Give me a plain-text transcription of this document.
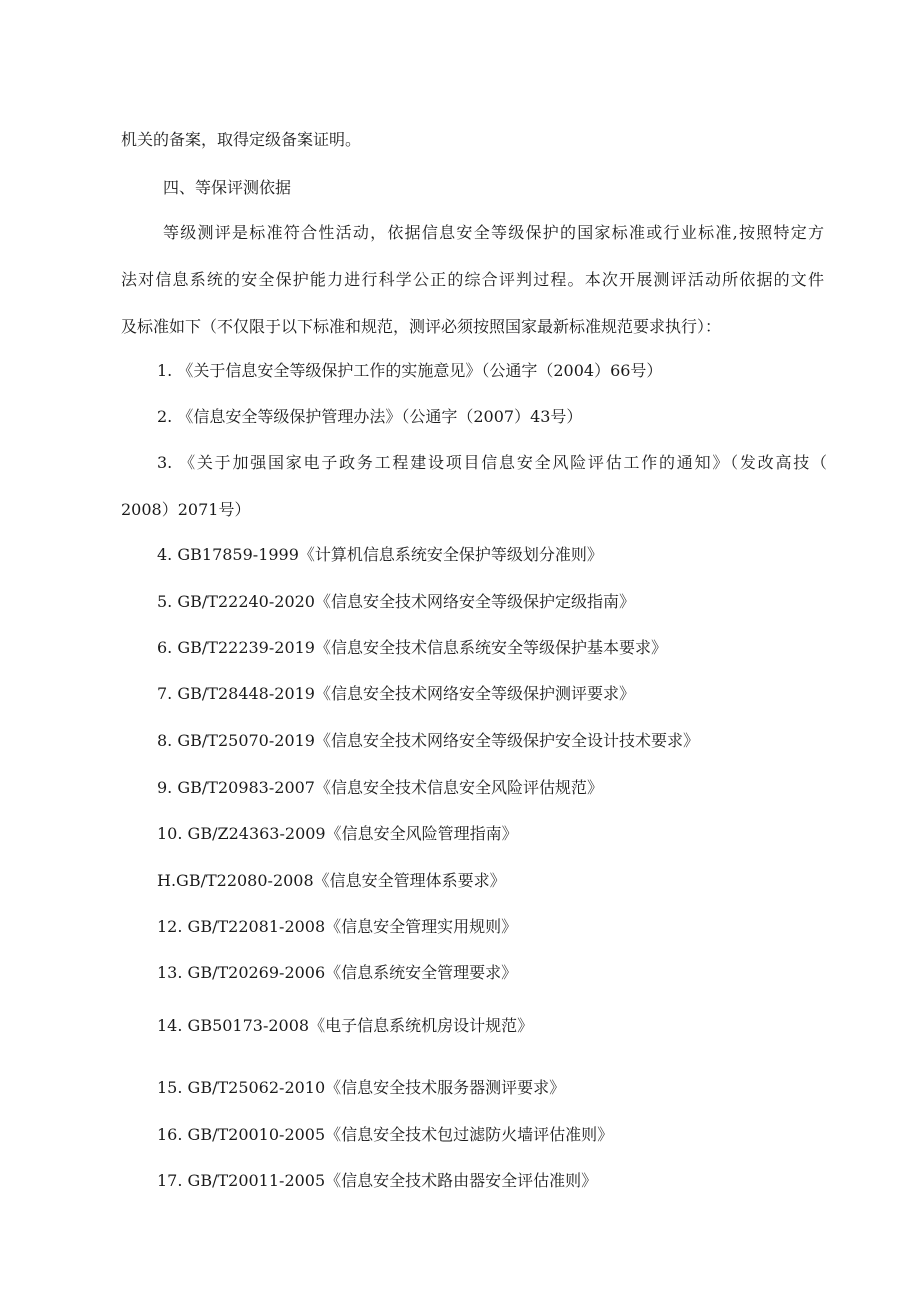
机关的备案，取得定级备案证明。

四、等保评测依据

等级测评是标准符合性活动，依据信息安全等级保护的国家标准或行业标准,按照特定方

法对信息系统的安全保护能力进行科学公正的综合评判过程。本次开展测评活动所依据的文件

及标准如下（不仅限于以下标准和规范，测评必须按照国家最新标准规范要求执行）：

1. 《关于信息安全等级保护工作的实施意见》（公通字（2004）66号）

2. 《信息安全等级保护管理办法》（公通字（2007）43号）

3. 《关于加强国家电子政务工程建设项目信息安全风险评估工作的通知》（发改高技（

2008）2071号）

4. GB17859-1999《计算机信息系统安全保护等级划分准则》

5. GB/T22240-2020《信息安全技术网络安全等级保护定级指南》

6. GB/T22239-2019《信息安全技术信息系统安全等级保护基本要求》

7. GB/T28448-2019《信息安全技术网络安全等级保护测评要求》

8. GB/T25070-2019《信息安全技术网络安全等级保护安全设计技术要求》

9. GB/T20983-2007《信息安全技术信息安全风险评估规范》

10. GB/Z24363-2009《信息安全风险管理指南》

H.GB/T22080-2008《信息安全管理体系要求》

12. GB/T22081-2008《信息安全管理实用规则》

13. GB/T20269-2006《信息系统安全管理要求》

14. GB50173-2008《电子信息系统机房设计规范》

15. GB/T25062-2010《信息安全技术服务器测评要求》

16. GB/T20010-2005《信息安全技术包过滤防火墙评估准则》

17. GB/T20011-2005《信息安全技术路由器安全评估准则》
